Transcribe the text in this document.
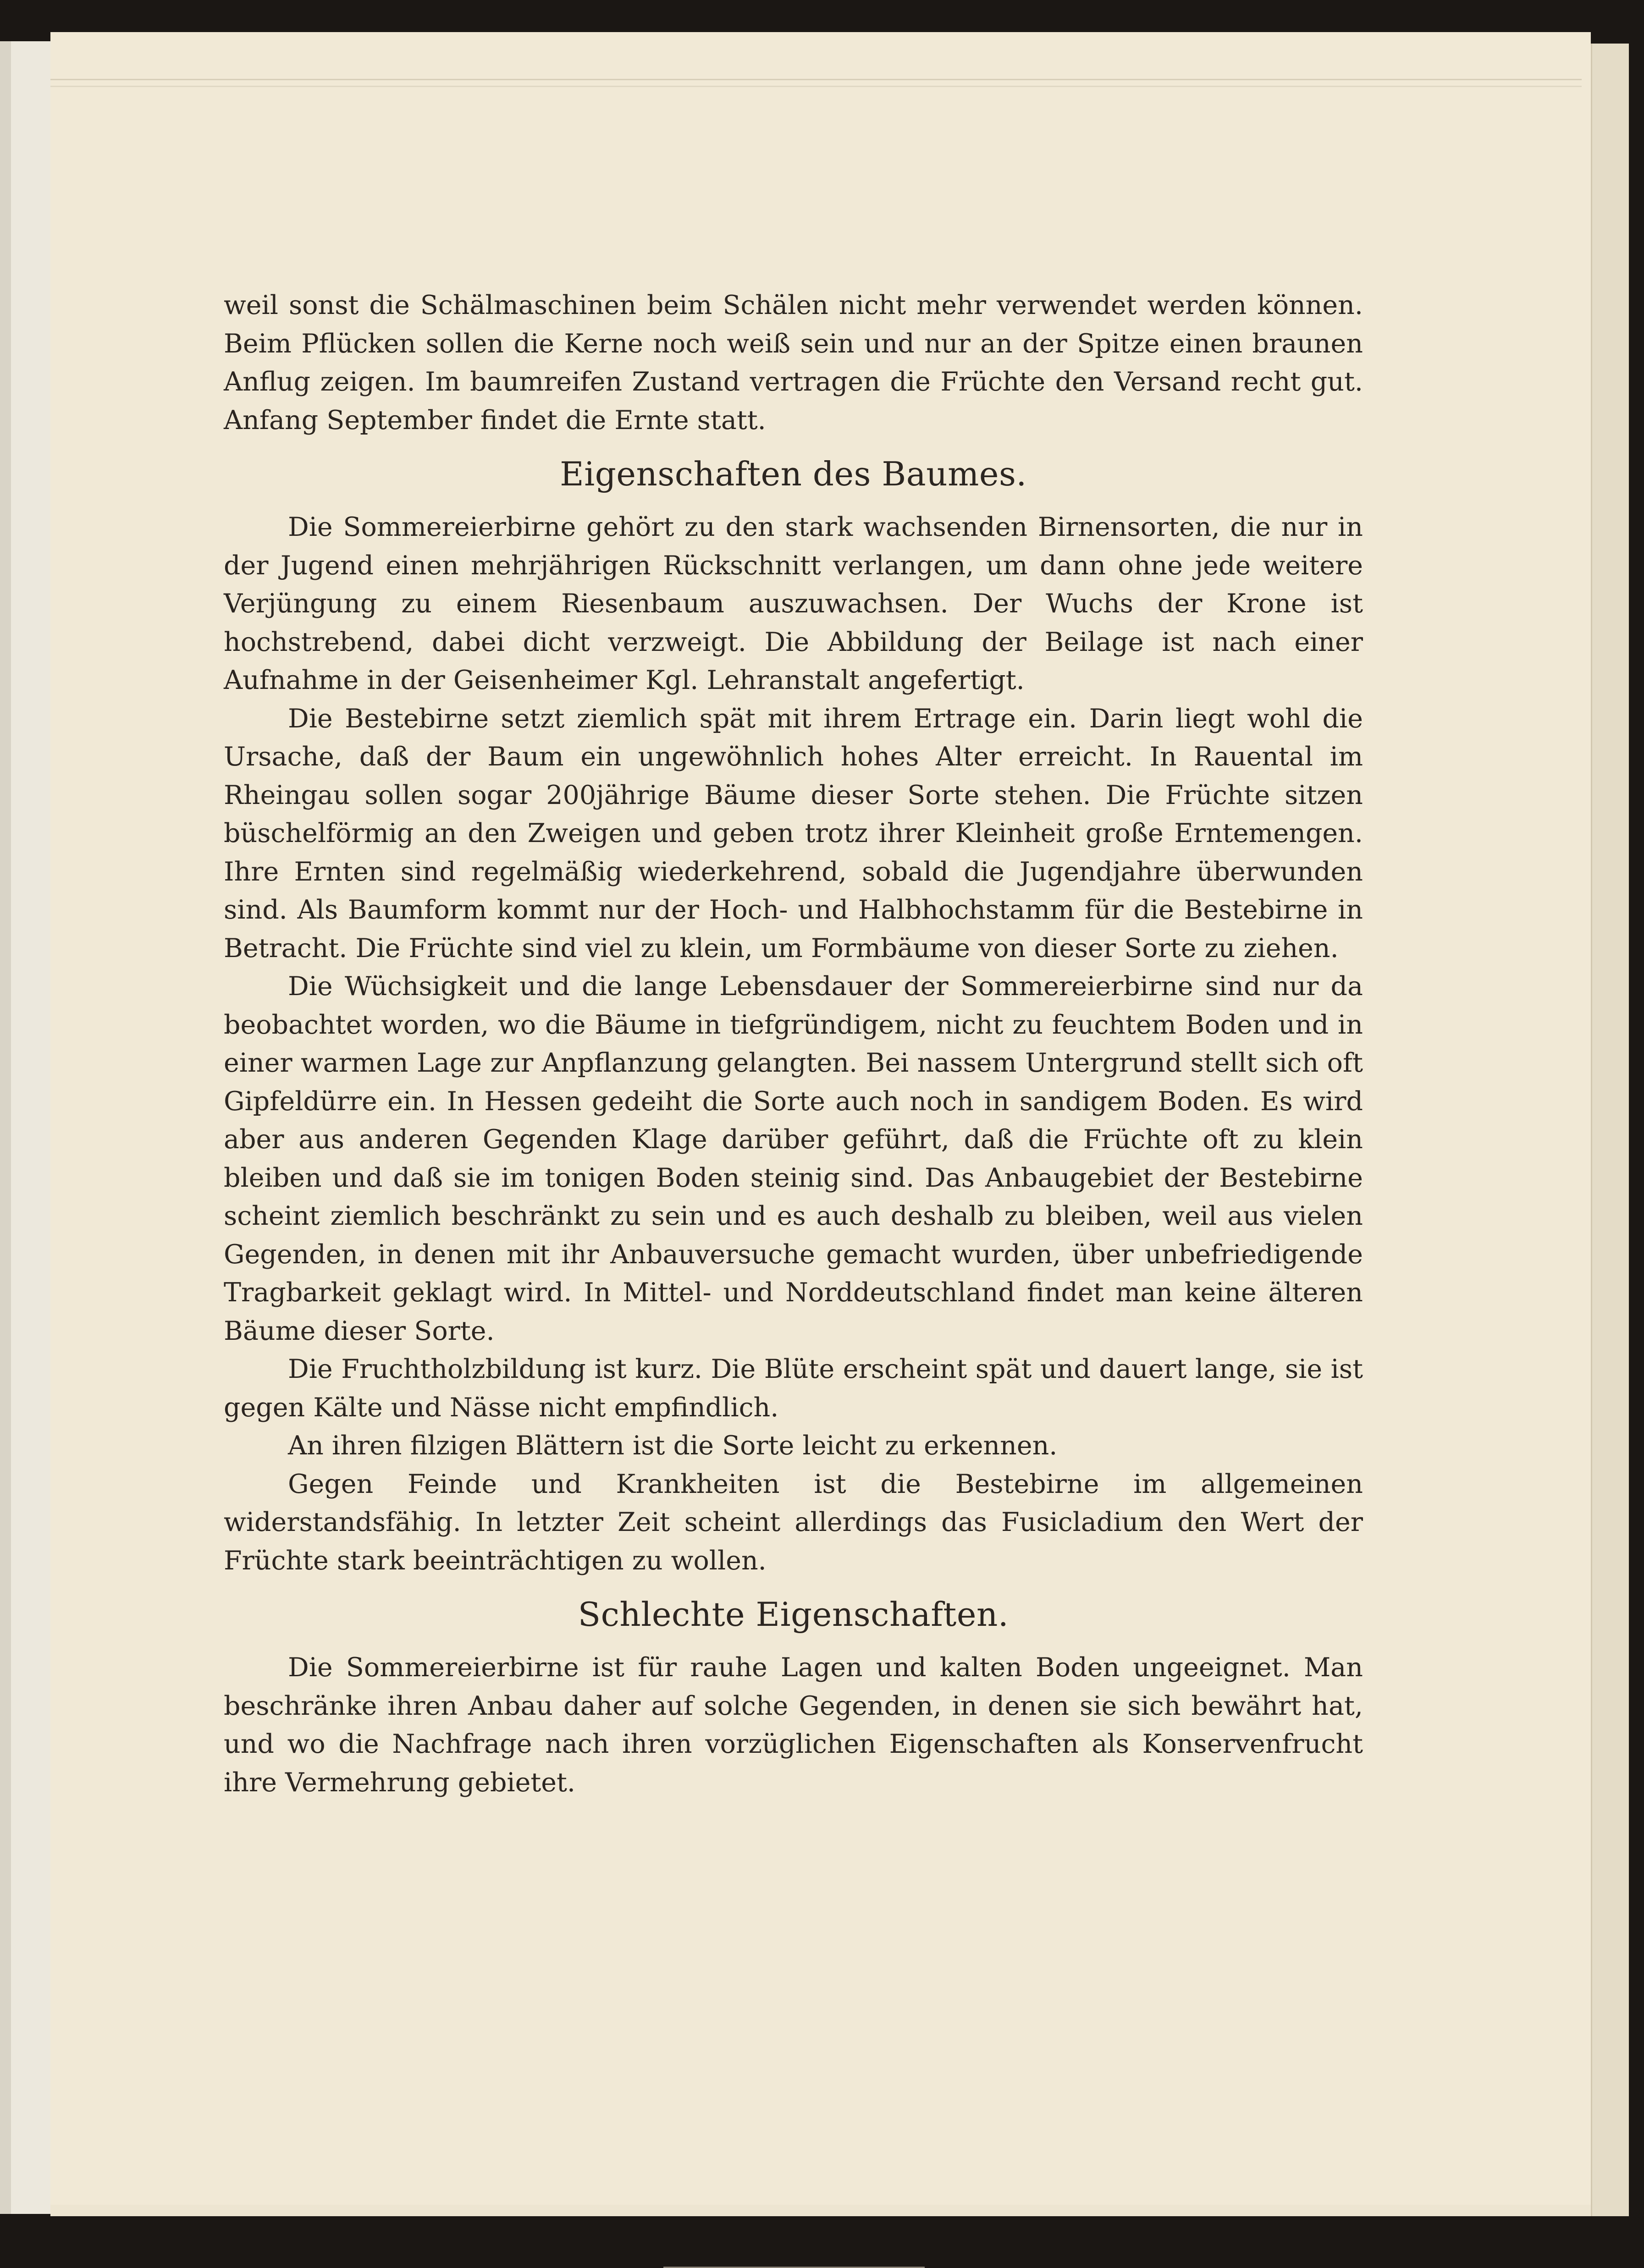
weil sonst die Schälmaschinen beim Schälen nicht mehr verwendet werden können. Beim Pflücken sollen die Kerne noch weiß sein und nur an der Spitze einen braunen Anflug zeigen. Im baumreifen Zustand vertragen die Früchte den Versand recht gut. Anfang September findet die Ernte statt.

Eigenschaften des Baumes.

Die Sommereierbirne gehört zu den stark wachsenden Birnensorten, die nur in der Jugend einen mehrjährigen Rückschnitt verlangen, um dann ohne jede weitere Verjüngung zu einem Riesenbaum auszuwachsen. Der Wuchs der Krone ist hochstrebend, dabei dicht verzweigt. Die Abbildung der Beilage ist nach einer Aufnahme in der Geisenheimer Kgl. Lehranstalt angefertigt.

Die Bestebirne setzt ziemlich spät mit ihrem Ertrage ein. Darin liegt wohl die Ursache, daß der Baum ein ungewöhnlich hohes Alter erreicht. In Rauental im Rheingau sollen sogar 200jährige Bäume dieser Sorte stehen. Die Früchte sitzen büschelförmig an den Zweigen und geben trotz ihrer Kleinheit große Erntemengen. Ihre Ernten sind regelmäßig wiederkehrend, sobald die Jugendjahre überwunden sind. Als Baumform kommt nur der Hoch- und Halbhochstamm für die Bestebirne in Betracht. Die Früchte sind viel zu klein, um Formbäume von dieser Sorte zu ziehen.

Die Wüchsigkeit und die lange Lebensdauer der Sommereierbirne sind nur da beobachtet worden, wo die Bäume in tiefgründigem, nicht zu feuchtem Boden und in einer warmen Lage zur Anpflanzung gelangten. Bei nassem Untergrund stellt sich oft Gipfeldürre ein. In Hessen gedeiht die Sorte auch noch in sandigem Boden. Es wird aber aus anderen Gegenden Klage darüber geführt, daß die Früchte oft zu klein bleiben und daß sie im tonigen Boden steinig sind. Das Anbaugebiet der Bestebirne scheint ziemlich beschränkt zu sein und es auch deshalb zu bleiben, weil aus vielen Gegenden, in denen mit ihr Anbauversuche gemacht wurden, über unbefriedigende Tragbarkeit geklagt wird. In Mittel- und Norddeutschland findet man keine älteren Bäume dieser Sorte.

Die Fruchtholzbildung ist kurz. Die Blüte erscheint spät und dauert lange, sie ist gegen Kälte und Nässe nicht empfindlich.

An ihren filzigen Blättern ist die Sorte leicht zu erkennen.

Gegen Feinde und Krankheiten ist die Bestebirne im allgemeinen widerstandsfähig. In letzter Zeit scheint allerdings das Fusicladium den Wert der Früchte stark beeinträchtigen zu wollen.

Schlechte Eigenschaften.

Die Sommereierbirne ist für rauhe Lagen und kalten Boden ungeeignet. Man beschränke ihren Anbau daher auf solche Gegenden, in denen sie sich bewährt hat, und wo die Nachfrage nach ihren vorzüglichen Eigenschaften als Konservenfrucht ihre Vermehrung gebietet.
